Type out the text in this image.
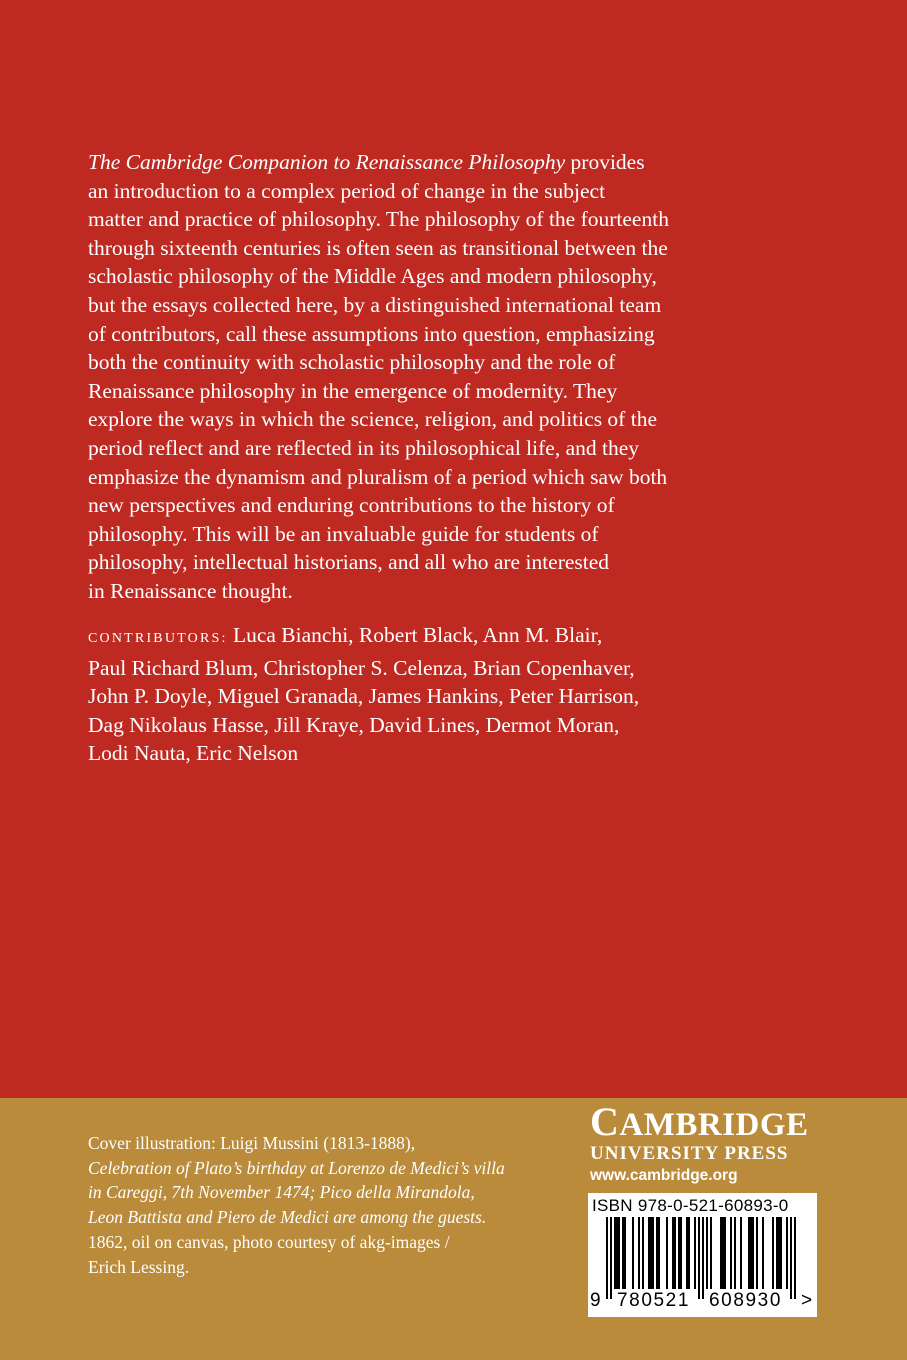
The Cambridge Companion to Renaissance Philosophy provides
an introduction to a complex period of change in the subject
matter and practice of philosophy. The philosophy of the fourteenth
through sixteenth centuries is often seen as transitional between the
scholastic philosophy of the Middle Ages and modern philosophy,
but the essays collected here, by a distinguished international team
of contributors, call these assumptions into question, emphasizing
both the continuity with scholastic philosophy and the role of
Renaissance philosophy in the emergence of modernity. They
explore the ways in which the science, religion, and politics of the
period reflect and are reflected in its philosophical life, and they
emphasize the dynamism and pluralism of a period which saw both
new perspectives and enduring contributions to the history of
philosophy. This will be an invaluable guide for students of
philosophy, intellectual historians, and all who are interested
in Renaissance thought.
CONTRIBUTORS: Luca Bianchi, Robert Black, Ann M. Blair,
Paul Richard Blum, Christopher S. Celenza, Brian Copenhaver,
John P. Doyle, Miguel Granada, James Hankins, Peter Harrison,
Dag Nikolaus Hasse, Jill Kraye, David Lines, Dermot Moran,
Lodi Nauta, Eric Nelson
Cover illustration: Luigi Mussini (1813-1888),
Celebration of Plato’s birthday at Lorenzo de Medici’s villa
in Careggi, 7th November 1474; Pico della Mirandola,
Leon Battista and Piero de Medici are among the guests.
1862, oil on canvas, photo courtesy of akg-images /
Erich Lessing.
CAMBRIDGE
UNIVERSITY PRESS
www.cambridge.org
ISBN 978-0-521-60893-0
9 780521 608930 >
